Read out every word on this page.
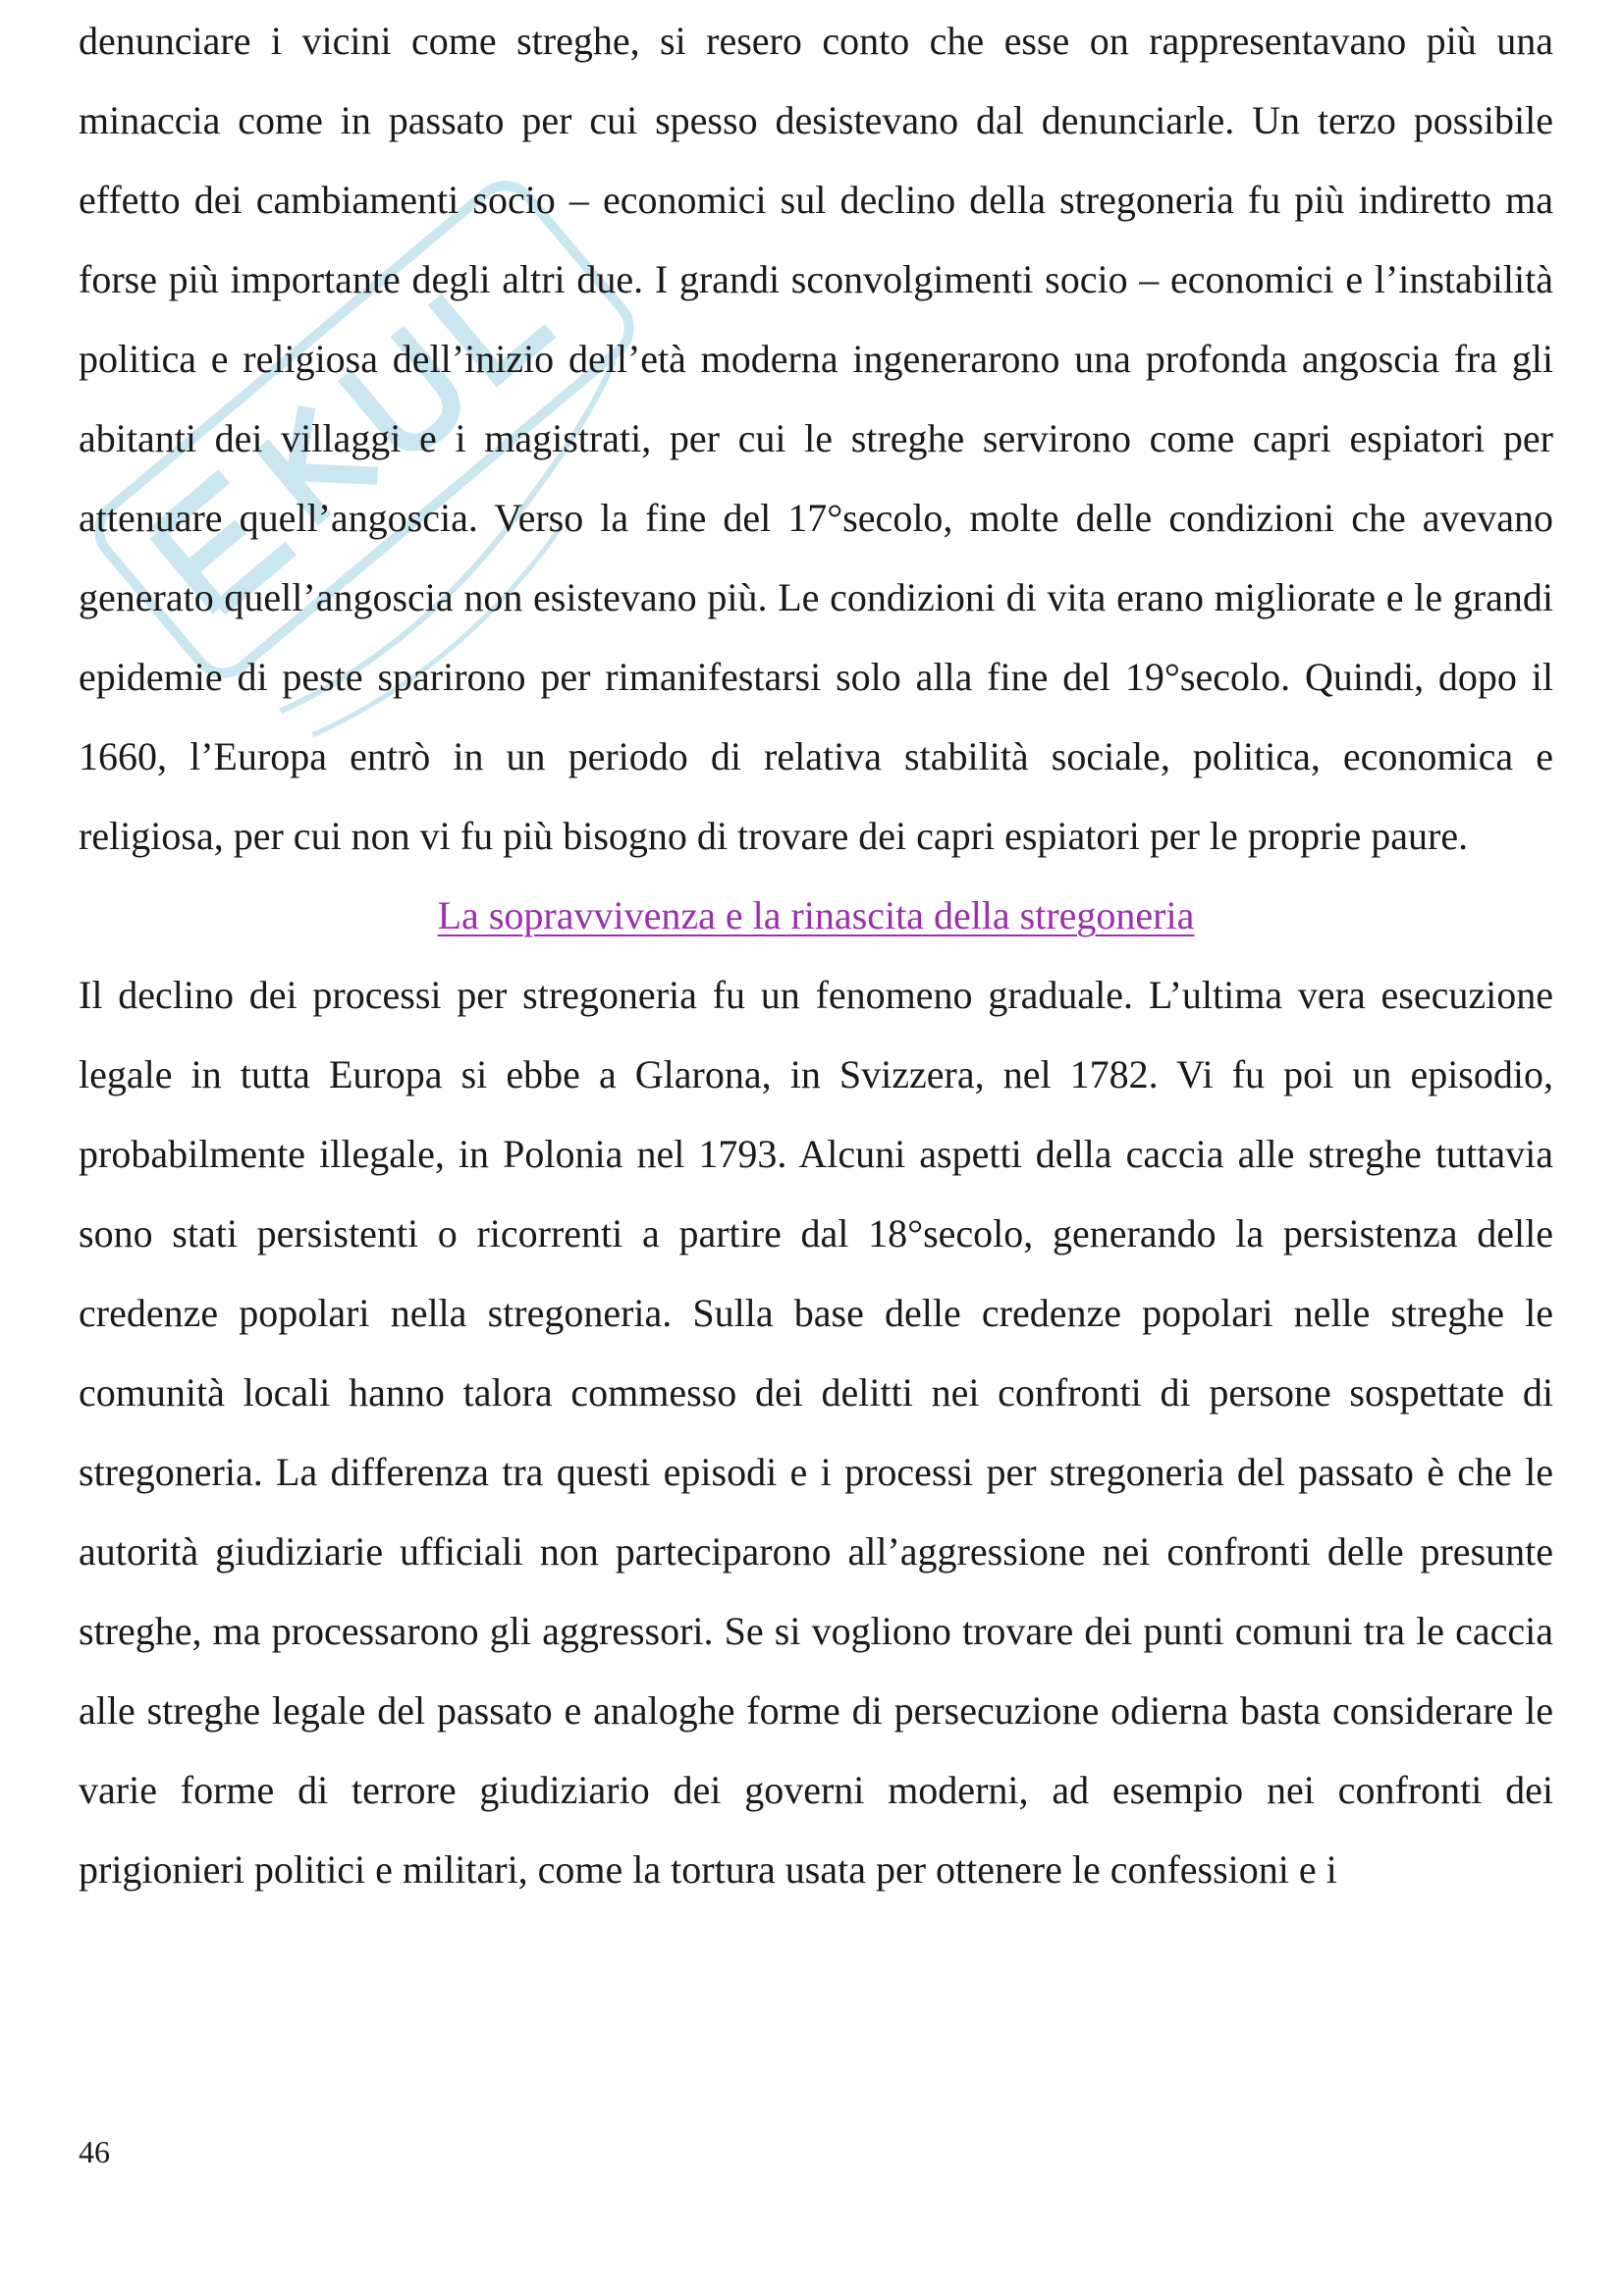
denunciare i vicini come streghe, si resero conto che esse on rappresentavano più una minaccia come in passato per cui spesso desistevano dal denunciarle. Un terzo possibile effetto dei cambiamenti socio – economici sul declino della stregoneria fu più indiretto ma forse più importante degli altri due. I grandi sconvolgimenti socio – economici e l’instabilità politica e religiosa dell’inizio dell’età moderna ingenerarono una profonda angoscia fra gli abitanti dei villaggi e i magistrati, per cui le streghe servirono come capri espiatori per attenuare quell’angoscia. Verso la fine del 17°secolo, molte delle condizioni che avevano generato quell’angoscia non esistevano più. Le condizioni di vita erano migliorate e le grandi epidemie di peste sparirono per rimanifestarsi solo alla fine del 19°secolo. Quindi, dopo il 1660, l’Europa entrò in un periodo di relativa stabilità sociale, politica, economica e religiosa, per cui non vi fu più bisogno di trovare dei capri espiatori per le proprie paure.

La sopravvivenza e la rinascita della stregoneria

Il declino dei processi per stregoneria fu un fenomeno graduale. L’ultima vera esecuzione legale in tutta Europa si ebbe a Glarona, in Svizzera, nel 1782. Vi fu poi un episodio, probabilmente illegale, in Polonia nel 1793. Alcuni aspetti della caccia alle streghe tuttavia sono stati persistenti o ricorrenti a partire dal 18°secolo, generando la persistenza delle credenze popolari nella stregoneria. Sulla base delle credenze popolari nelle streghe le comunità locali hanno talora commesso dei delitti nei confronti di persone sospettate di stregoneria. La differenza tra questi episodi e i processi per stregoneria del passato è che le autorità giudiziarie ufficiali non parteciparono all’aggressione nei confronti delle presunte streghe, ma processarono gli aggressori. Se si vogliono trovare dei punti comuni tra le caccia alle streghe legale del passato e analoghe forme di persecuzione odierna basta considerare le varie forme di terrore giudiziario dei governi moderni, ad esempio nei confronti dei prigionieri politici e militari, come la tortura usata per ottenere le confessioni e i

46
